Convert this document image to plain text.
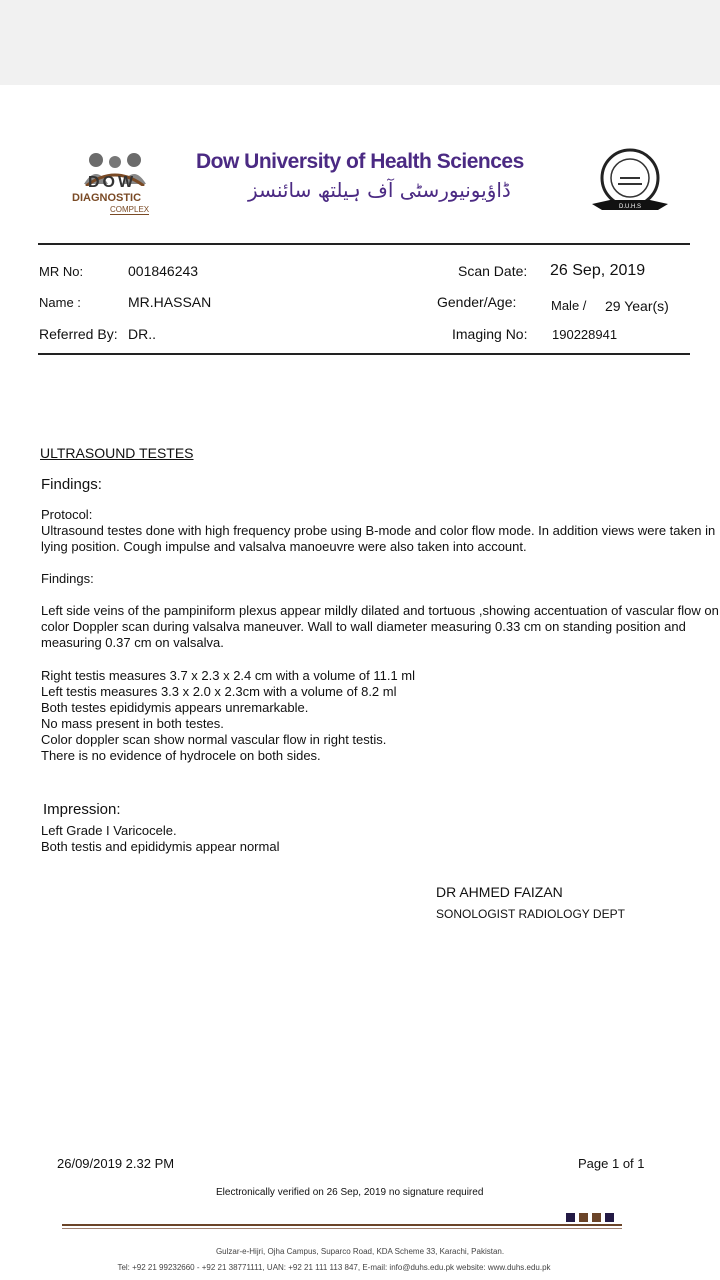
DOW
DIAGNOSTIC
COMPLEX
Dow University of Health Sciences
ڈاؤیونیورسٹی آف ہیلتھ سائنسز
D.U.H.S
MR No:	001846243	Scan Date: 26 Sep, 2019
Name :	MR.HASSAN	Gender/Age:	Male / 29 Year(s)
Referred By: DR..	Imaging No: 190228941
ULTRASOUND TESTES
Findings:
Protocol:
Ultrasound testes done with high frequency probe using B-mode and color flow mode. In addition views were taken in lying position. Cough impulse and valsalva manoeuvre were also taken into account.
Findings:
Left side veins of the pampiniform plexus appear mildly dilated and tortuous ,showing accentuation of vascular flow on color Doppler scan during valsalva maneuver. Wall to wall diameter measuring 0.33 cm on standing position and measuring 0.37 cm on valsalva.
Right testis measures 3.7 x 2.3 x 2.4 cm with a volume of 11.1 ml
Left testis measures 3.3 x 2.0 x 2.3cm with a volume of 8.2 ml
Both testes epididymis appears unremarkable.
No mass present in both testes.
Color doppler scan show normal vascular flow in right testis.
There is no evidence of hydrocele on both sides.
Impression:
Left Grade I Varicocele.
Both testis and epididymis appear normal
DR AHMED FAIZAN
SONOLOGIST RADIOLOGY DEPT
26/09/2019 2.32 PM	Page 1 of 1
Electronically verified on 26 Sep, 2019 no signature required
Gulzar-e-Hijri, Ojha Campus, Suparco Road, KDA Scheme 33, Karachi, Pakistan.
Tel: +92 21 99232660 - +92 21 38771111, UAN: +92 21 111 113 847, E-mail: info@duhs.edu.pk website: www.duhs.edu.pk
